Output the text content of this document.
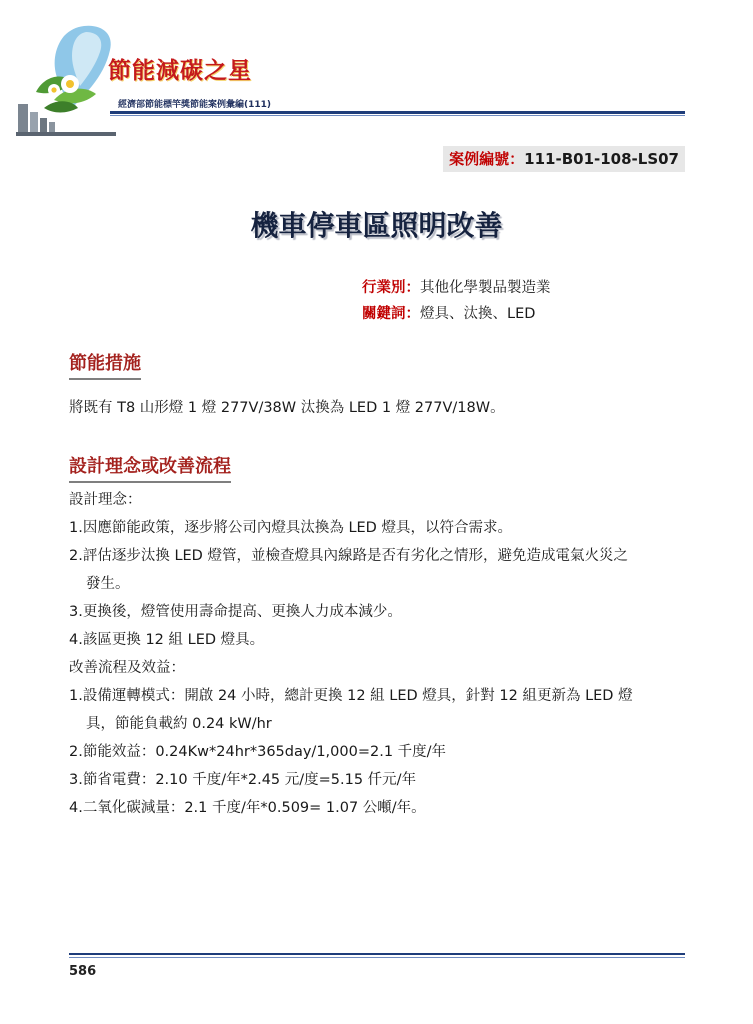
節能減碳之星
經濟部節能標竿獎節能案例彙編(111)
案例編號：111-B01-108-LS07
機車停車區照明改善
行業別：其他化學製品製造業
關鍵詞：燈具、汰換、LED
節能措施
將既有 T8 山形燈 1 燈 277V/38W 汰換為 LED 1 燈 277V/18W。
設計理念或改善流程
設計理念：
1.因應節能政策，逐步將公司內燈具汰換為 LED 燈具，以符合需求。
2.評估逐步汰換 LED 燈管，並檢查燈具內線路是否有劣化之情形，避免造成電氣火災之
發生。
3.更換後，燈管使用壽命提高、更換人力成本減少。
4.該區更換 12 組 LED 燈具。
改善流程及效益：
1.設備運轉模式：開啟 24 小時，總計更換 12 組 LED 燈具，針對 12 組更新為 LED 燈
具，節能負載約 0.24 kW/hr
2.節能效益：0.24Kw*24hr*365day/1,000=2.1 千度/年
3.節省電費：2.10 千度/年*2.45 元/度=5.15 仟元/年
4.二氧化碳減量：2.1 千度/年*0.509= 1.07 公噸/年。
586
